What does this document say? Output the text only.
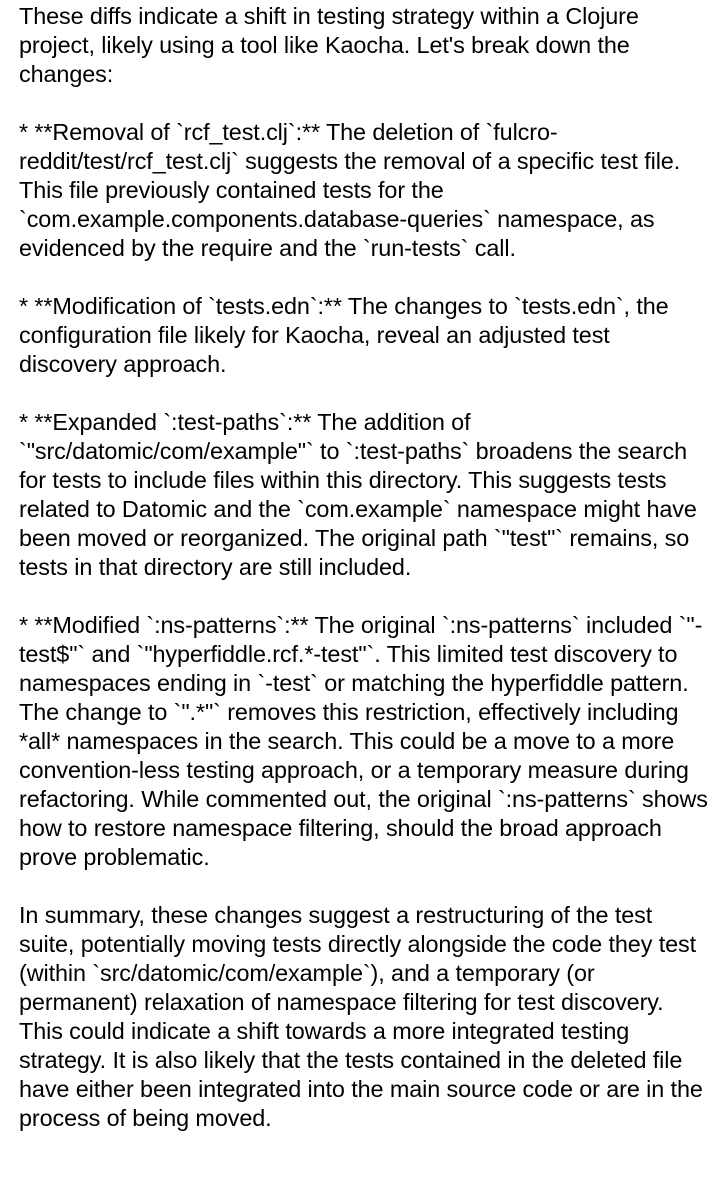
These diffs indicate a shift in testing strategy within a Clojure project, likely using a tool like Kaocha. Let's break down the changes:

* **Removal of `rcf_test.clj`:** The deletion of `fulcro-reddit/test/rcf_test.clj` suggests the removal of a specific test file. This file previously contained tests for the `com.example.components.database-queries` namespace, as evidenced by the require and the `run-tests` call.

* **Modification of `tests.edn`:** The changes to `tests.edn`, the configuration file likely for Kaocha, reveal an adjusted test discovery approach.

* **Expanded `:test-paths`:** The addition of `"src/datomic/com/example"` to `:test-paths` broadens the search for tests to include files within this directory. This suggests tests related to Datomic and the `com.example` namespace might have been moved or reorganized. The original path `"test"` remains, so tests in that directory are still included.

* **Modified `:ns-patterns`:** The original `:ns-patterns` included `"-test$"` and `"hyperfiddle.rcf.*-test"`. This limited test discovery to namespaces ending in `-test` or matching the hyperfiddle pattern. The change to `".*"` removes this restriction, effectively including *all* namespaces in the search. This could be a move to a more convention-less testing approach, or a temporary measure during refactoring. While commented out, the original `:ns-patterns` shows how to restore namespace filtering, should the broad approach prove problematic.

In summary, these changes suggest a restructuring of the test suite, potentially moving tests directly alongside the code they test (within `src/datomic/com/example`), and a temporary (or permanent) relaxation of namespace filtering for test discovery. This could indicate a shift towards a more integrated testing strategy. It is also likely that the tests contained in the deleted file have either been integrated into the main source code or are in the process of being moved.
